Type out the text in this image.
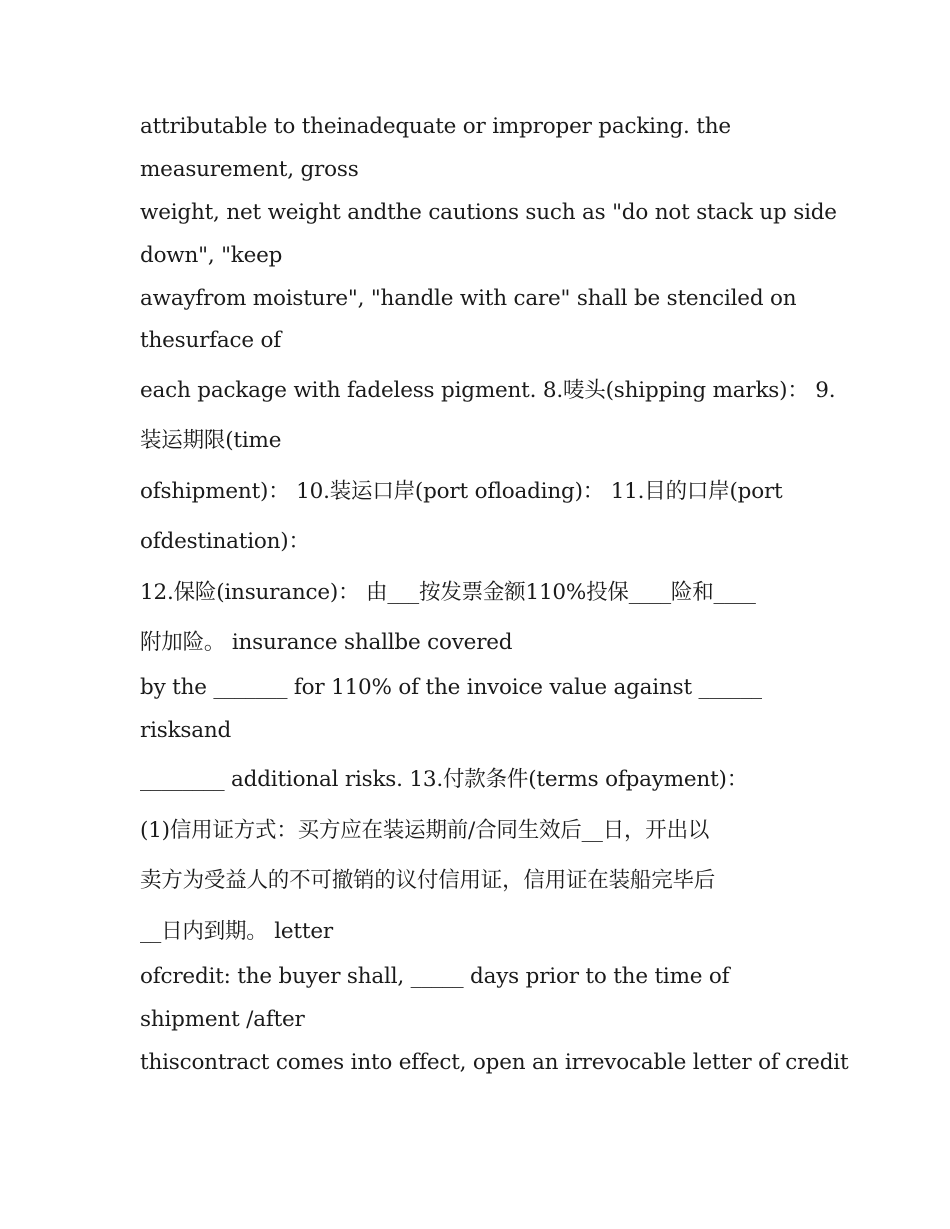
attributable to theinadequate or improper packing. the
measurement, gross
weight, net weight andthe cautions such as "do not stack up side
down", "keep
awayfrom moisture", "handle with care" shall be stenciled on
thesurface of
each package with fadeless pigment. 8.唛头(shipping marks)： 9.
装运期限(time
ofshipment)： 10.装运口岸(port ofloading)： 11.目的口岸(port
ofdestination)：
12.保险(insurance)： 由___按发票金额110%投保____险和____
附加险。 insurance shallbe covered
by the _______ for 110% of the invoice value against ______
risksand
________ additional risks. 13.付款条件(terms ofpayment)：
(1)信用证方式：买方应在装运期前/合同生效后__日，开出以
卖方为受益人的不可撤销的议付信用证，信用证在装船完毕后
__日内到期。 letter
ofcredit: the buyer shall, _____ days prior to the time of
shipment /after
thiscontract comes into effect, open an irrevocable letter of credit
